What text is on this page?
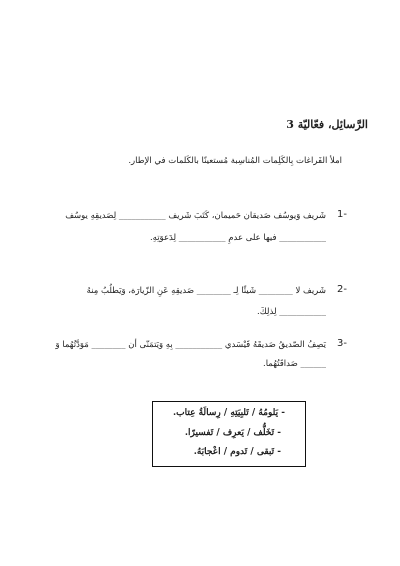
الرَّسائِل، فعّاليّة 3
املأ الفَراغات بِالكَلِمات المُناسِبة مُستعينًا بالكَلمات في الإطار.
1-
شَريف وَيوسُف صَديقان حَميمان، كَتَبَ شَريف ___________ لِصَديقِهِ يوسُف
___________ فيها على عدمِ ___________ لِدَعوَتِهِ.
2-
شَريف لا ________ شَيئًا لِـ ________ صَديقِهِ عَنِ الزّيارَة، وَيَطلُبُ مِنهُ
___________ لِذلِكَ.
3-
يَصِفُ الصّديقُ صَديقَهُ قَيْسَدي ___________ بِهِ وَيَتمَنّى أن ________ مَوَدَّتُهُما وَ
______ صَداقَتُهُما.
- يَلومُهُ / تَلبِيَتِهِ / رِسالَةُ عِتاب.
- تَخَلُّف / يَعرِف / تَفسيرًا.
- تَبقى / تَدوم / اعْجابَهُ.
